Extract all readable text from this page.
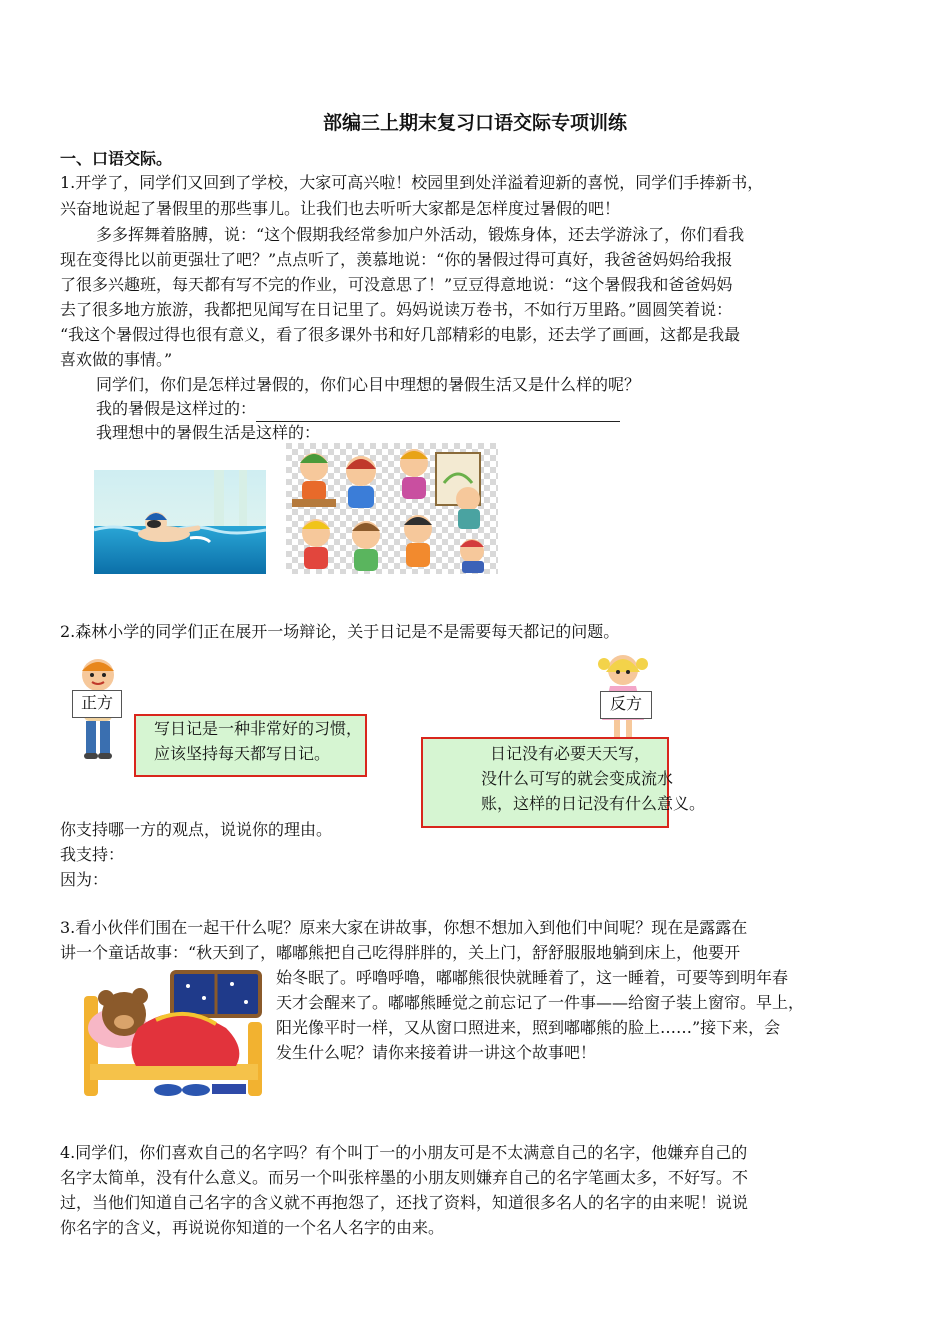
部编三上期末复习口语交际专项训练
一、口语交际。
1.开学了，同学们又回到了学校，大家可高兴啦！校园里到处洋溢着迎新的喜悦，同学们手捧新书，
兴奋地说起了暑假里的那些事儿。让我们也去听听大家都是怎样度过暑假的吧！
多多挥舞着胳膊，说：“这个假期我经常参加户外活动，锻炼身体，还去学游泳了，你们看我
现在变得比以前更强壮了吧？”点点听了，羡慕地说：“你的暑假过得可真好，我爸爸妈妈给我报
了很多兴趣班，每天都有写不完的作业，可没意思了！”豆豆得意地说：“这个暑假我和爸爸妈妈
去了很多地方旅游，我都把见闻写在日记里了。妈妈说读万卷书，不如行万里路。”圆圆笑着说：
“我这个暑假过得也很有意义，看了很多课外书和好几部精彩的电影，还去学了画画，这都是我最
喜欢做的事情。”
同学们，你们是怎样过暑假的，你们心目中理想的暑假生活又是什么样的呢？
我的暑假是这样过的：
我理想中的暑假生活是这样的：
2.森林小学的同学们正在展开一场辩论，关于日记是不是需要每天都记的问题。
正方
写日记是一种非常好的习惯，
应该坚持每天都写日记。
反方
日记没有必要天天写，
没什么可写的就会变成流水
账，这样的日记没有什么意义。
你支持哪一方的观点，说说你的理由。
我支持：
因为：
3.看小伙伴们围在一起干什么呢？原来大家在讲故事，你想不想加入到他们中间呢？现在是露露在
讲一个童话故事：“秋天到了，嘟嘟熊把自己吃得胖胖的，关上门，舒舒服服地躺到床上，他要开
始冬眠了。呼噜呼噜，嘟嘟熊很快就睡着了，这一睡着，可要等到明年春
天才会醒来了。嘟嘟熊睡觉之前忘记了一件事——给窗子装上窗帘。早上，
阳光像平时一样，又从窗口照进来，照到嘟嘟熊的脸上……”接下来，会
发生什么呢？请你来接着讲一讲这个故事吧！
4.同学们，你们喜欢自己的名字吗？有个叫丁一的小朋友可是不太满意自己的名字，他嫌弃自己的
名字太简单，没有什么意义。而另一个叫张梓墨的小朋友则嫌弃自己的名字笔画太多，不好写。不
过，当他们知道自己名字的含义就不再抱怨了，还找了资料，知道很多名人的名字的由来呢！说说
你名字的含义，再说说你知道的一个名人名字的由来。
